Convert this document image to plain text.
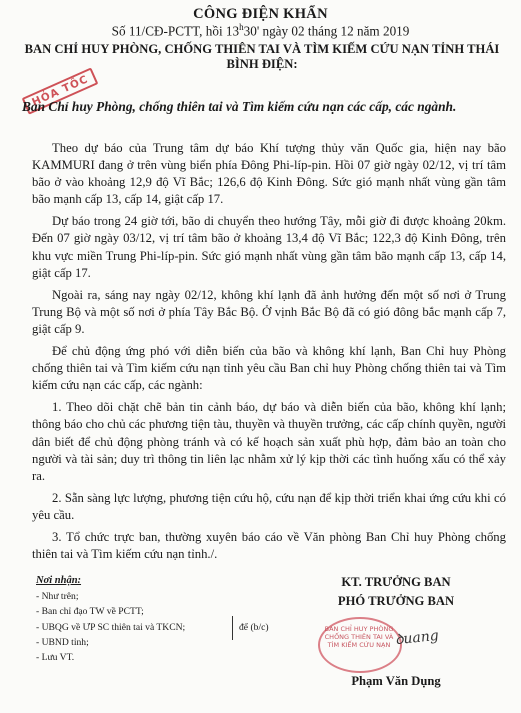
CÔNG ĐIỆN KHẨN
Số 11/CĐ-PCTT, hồi 13$^h$30' ngày 02 tháng 12 năm 2019
BAN CHỈ HUY PHÒNG, CHỐNG THIÊN TAI VÀ TÌM KIẾM CỨU NẠN TỈNH THÁI BÌNH ĐIỆN:
HỎA TỐC
Ban Chỉ huy Phòng, chống thiên tai và Tìm kiếm cứu nạn các cấp, các ngành.

Theo dự báo của Trung tâm dự báo Khí tượng thủy văn Quốc gia, hiện nay bão KAMMURI đang ở trên vùng biển phía Đông Phi-líp-pin. Hồi 07 giờ ngày 02/12, vị trí tâm bão ở vào khoảng 12,9 độ Vĩ Bắc; 126,6 độ Kinh Đông. Sức gió mạnh nhất vùng gần tâm bão mạnh cấp 13, cấp 14, giật cấp 17.

Dự báo trong 24 giờ tới, bão di chuyển theo hướng Tây, mỗi giờ đi được khoảng 20km. Đến 07 giờ ngày 03/12, vị trí tâm bão ở khoảng 13,4 độ Vĩ Bắc; 122,3 độ Kinh Đông, trên khu vực miền Trung Phi-líp-pin. Sức gió mạnh nhất vùng gần tâm bão mạnh cấp 13, cấp 14, giật cấp 17.

Ngoài ra, sáng nay ngày 02/12, không khí lạnh đã ảnh hưởng đến một số nơi ở Trung Trung Bộ và một số nơi ở phía Tây Bắc Bộ. Ở vịnh Bắc Bộ đã có gió đông bắc mạnh cấp 7, giật cấp 9.

Để chủ động ứng phó với diễn biến của bão và không khí lạnh, Ban Chỉ huy Phòng chống thiên tai và Tìm kiếm cứu nạn tỉnh yêu cầu Ban chỉ huy Phòng chống thiên tai và Tìm kiếm cứu nạn các cấp, các ngành:

1. Theo dõi chặt chẽ bản tin cảnh báo, dự báo và diễn biến của bão, không khí lạnh; thông báo cho chủ các phương tiện tàu, thuyền và thuyền trưởng, các cấp chính quyền, người dân biết để chủ động phòng tránh và có kế hoạch sản xuất phù hợp, đảm bảo an toàn cho người và tài sản; duy trì thông tin liên lạc nhằm xử lý kịp thời các tình huống xấu có thể xảy ra.

2. Sẵn sàng lực lượng, phương tiện cứu hộ, cứu nạn để kịp thời triển khai ứng cứu khi có yêu cầu.

3. Tổ chức trực ban, thường xuyên báo cáo về Văn phòng Ban Chỉ huy Phòng chống thiên tai và Tìm kiếm cứu nạn tỉnh./.

Nơi nhận:
- Như trên;
- Ban chỉ đạo TW về PCTT;
- UBQG về ƯP SC thiên tai và TKCN;
- UBND tỉnh;
- Lưu VT.
để (b/c)
KT. TRƯỞNG BAN
PHÓ TRƯỞNG BAN
BAN CHỈ HUY PHÒNG CHỐNG THIÊN TAI VÀ TÌM KIẾM CỨU NẠN ꝺuang
Phạm Văn Dụng
